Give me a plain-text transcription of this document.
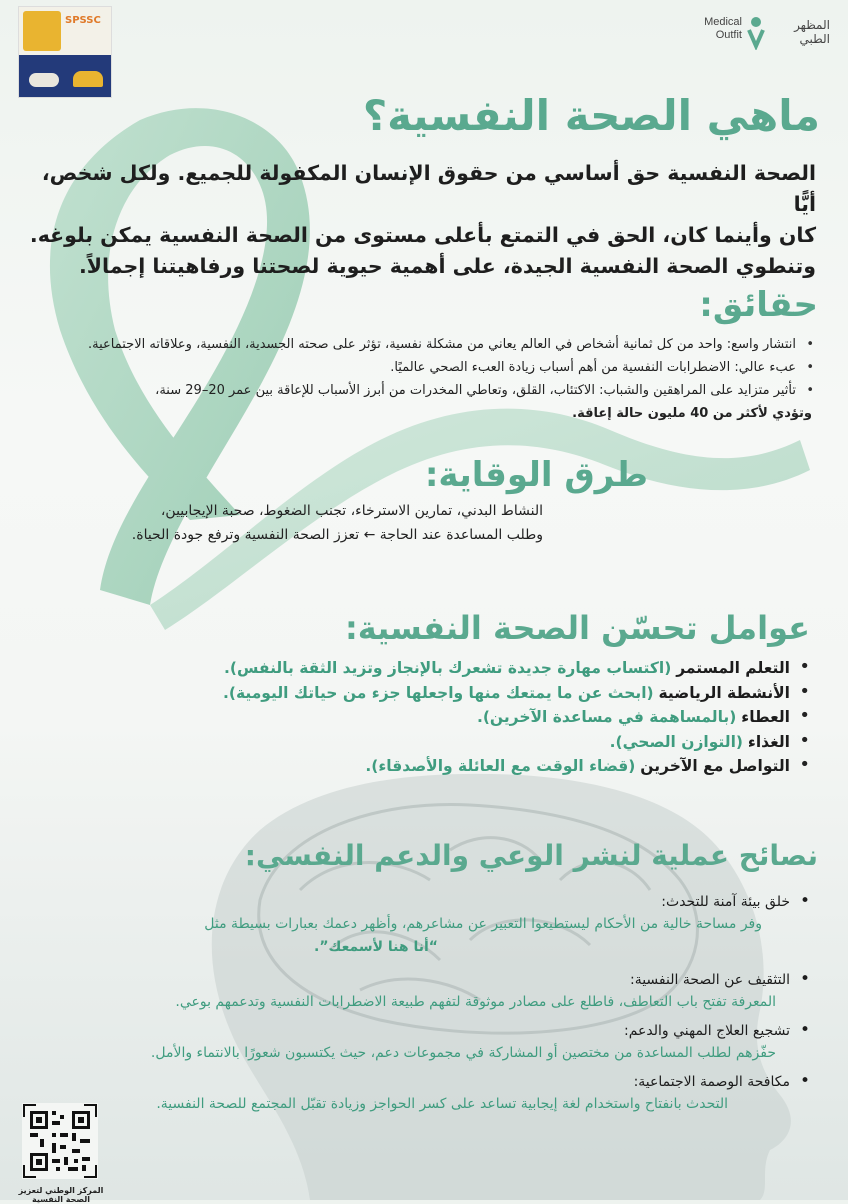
SPSSC	Medical Outfit
المظهر الطبي
ماهي الصحة النفسية؟
الصحة النفسية حق أساسي من حقوق الإنسان المكفولة للجميع. ولكل شخص، أيًّا
كان وأينما كان، الحق في التمتع بأعلى مستوى من الصحة النفسية يمكن بلوغه.
وتنطوي الصحة النفسية الجيدة، على أهمية حيوية لصحتنا ورفاهيتنا إجمالاً.
حقائق:
• انتشار واسع: واحد من كل ثمانية أشخاص في العالم يعاني من مشكلة نفسية، تؤثر على صحته الجسدية، النفسية، وعلاقاته الاجتماعية.
• عبء عالي: الاضطرابات النفسية من أهم أسباب زيادة العبء الصحي عالميًا.
• تأثير متزايد على المراهقين والشباب: الاكتئاب، القلق، وتعاطي المخدرات من أبرز الأسباب للإعاقة بين عمر 20–29 سنة،
وتؤدي لأكثر من 40 مليون حالة إعاقة.
طرق الوقاية:
النشاط البدني، تمارين الاسترخاء، تجنب الضغوط، صحبة الإيجابيين،
وطلب المساعدة عند الحاجة ← تعزز الصحة النفسية وترفع جودة الحياة.
عوامل تحسّن الصحة النفسية:
• التعلم المستمر (اكتساب مهارة جديدة تشعرك بالإنجاز وتزيد الثقة بالنفس).
• الأنشطة الرياضية (ابحث عن ما يمتعك منها واجعلها جزء من حياتك اليومية).
• العطاء (بالمساهمة في مساعدة الآخرين).
• الغذاء (التوازن الصحي).
• التواصل مع الآخرين (قضاء الوقت مع العائلة والأصدقاء).
نصائح عملية لنشر الوعي والدعم النفسي:
• خلق بيئة آمنة للتحدث:
وفر مساحة خالية من الأحكام ليستطيعوا التعبير عن مشاعرهم، وأظهر دعمك بعبارات بسيطة مثل
“أنا هنا لأسمعك”.
• التثقيف عن الصحة النفسية:
المعرفة تفتح باب التعاطف، فاطلع على مصادر موثوقة لتفهم طبيعة الاضطرابات النفسية وتدعمهم بوعي.
• تشجيع العلاج المهني والدعم:
حفّزهم لطلب المساعدة من مختصين أو المشاركة في مجموعات دعم، حيث يكتسبون شعورًا بالانتماء والأمل.
• مكافحة الوصمة الاجتماعية:
التحدث بانفتاح واستخدام لغة إيجابية تساعد على كسر الحواجز وزيادة تقبّل المجتمع للصحة النفسية.
المركز الوطني لتعزيز الصحة النفسية
